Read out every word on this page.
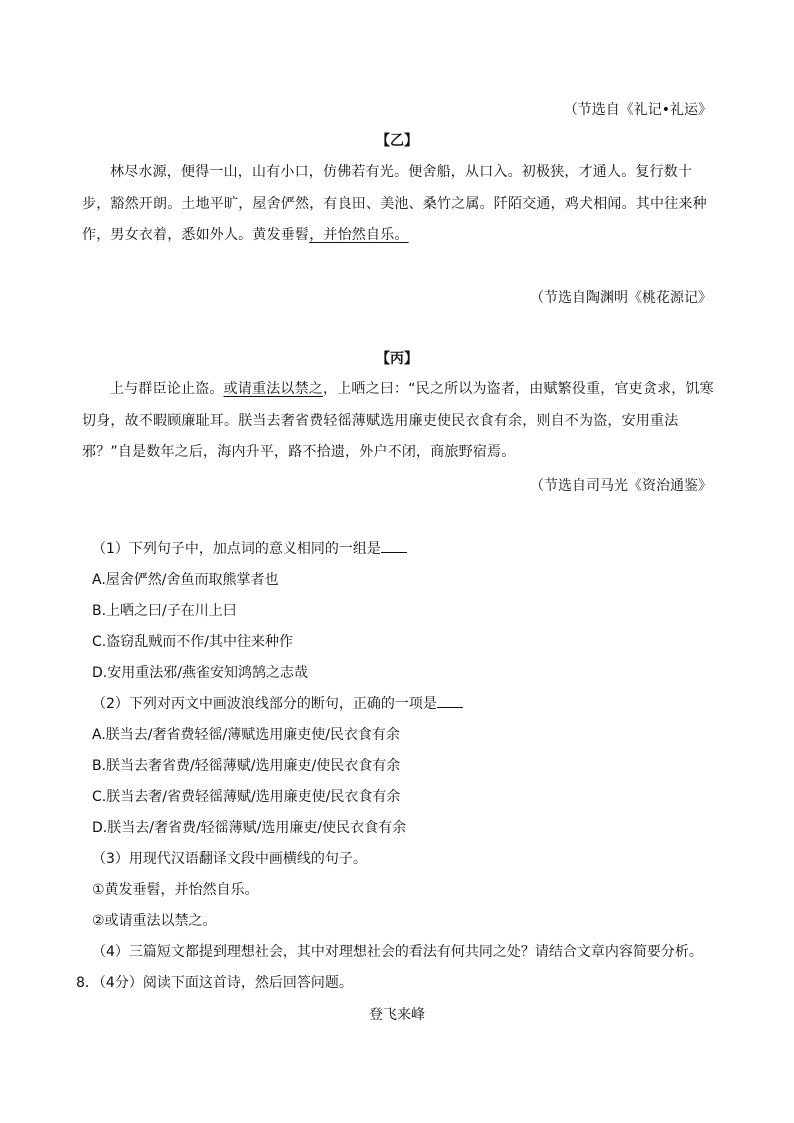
（节选自《礼记•礼运》
【乙】
林尽水源，便得一山，山有小口，仿佛若有光。便舍船，从口入。初极狭，才通人。复行数十步，豁然开朗。土地平旷，屋舍俨然，有良田、美池、桑竹之属。阡陌交通，鸡犬相闻。其中往来种作，男女衣着，悉如外人。黄发垂髫，并怡然自乐。
（节选自陶渊明《桃花源记》
【丙】
上与群臣论止盗。或请重法以禁之，上哂之曰：“民之所以为盗者，由赋繁役重，官吏贪求，饥寒切身，故不暇顾廉耻耳。朕当去奢省费轻徭薄赋选用廉吏使民衣食有余，则自不为盗，安用重法邪？”自是数年之后，海内升平，路不拾遗，外户不闭，商旅野宿焉。
（节选自司马光《资治通鉴》
（1）下列句子中，加点词的意义相同的一组是
A.屋舍俨然/舍鱼而取熊掌者也
B.上哂之曰/子在川上曰
C.盗窃乱贼而不作/其中往来种作
D.安用重法邪/燕雀安知鸿鹄之志哉
（2）下列对丙文中画波浪线部分的断句，正确的一项是
A.朕当去/奢省费轻徭/薄赋选用廉吏使/民衣食有余
B.朕当去奢省费/轻徭薄赋/选用廉吏/使民衣食有余
C.朕当去奢/省费轻徭薄赋/选用廉吏使/民衣食有余
D.朕当去/奢省费/轻徭薄赋/选用廉吏/使民衣食有余
（3）用现代汉语翻译文段中画横线的句子。
①黄发垂髫，并怡然自乐。
②或请重法以禁之。
（4）三篇短文都提到理想社会，其中对理想社会的看法有何共同之处？请结合文章内容简要分析。
8．（4分）阅读下面这首诗，然后回答问题。
登飞来峰
